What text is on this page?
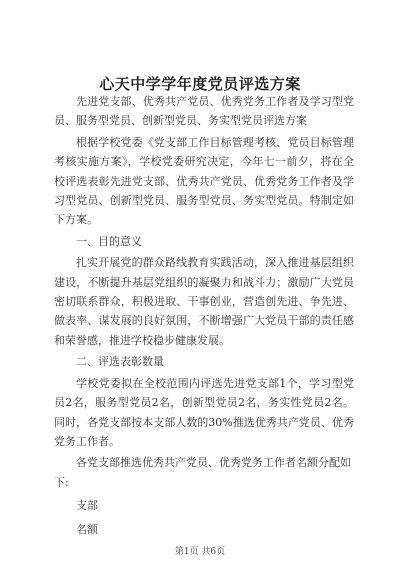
心天中学学年度党员评选方案

先进党支部、优秀共产党员、优秀党务工作者及学习型党员、服务型党员、创新型党员、务实型党员评选方案

根据学校党委《党支部工作目标管理考核、党员目标管理考核实施方案》，学校党委研究决定，今年七一前夕，将在全校评选表彰先进党支部、优秀共产党员、优秀党务工作者及学习型党员、创新型党员、服务型党员、务实型党员。特制定如下方案。

一、目的意义

扎实开展党的群众路线教育实践活动，深入推进基层组织建设，不断提升基层党组织的凝聚力和战斗力；激励广大党员密切联系群众，积极进取、干事创业，营造创先进、争先进、做表率、谋发展的良好氛围，不断增强广大党员干部的责任感和荣誉感，推进学校稳步健康发展。

二、评选表彰数量

学校党委拟在全校范围内评选先进党支部1个，学习型党员2名，服务型党员2名，创新型党员2名，务实性党员2名。同时，各党支部按本支部人数的30%推选优秀共产党员、优秀党务工作者。

各党支部推选优秀共产党员、优秀党务工作者名额分配如下:

支部

名额

第1页 共6页
